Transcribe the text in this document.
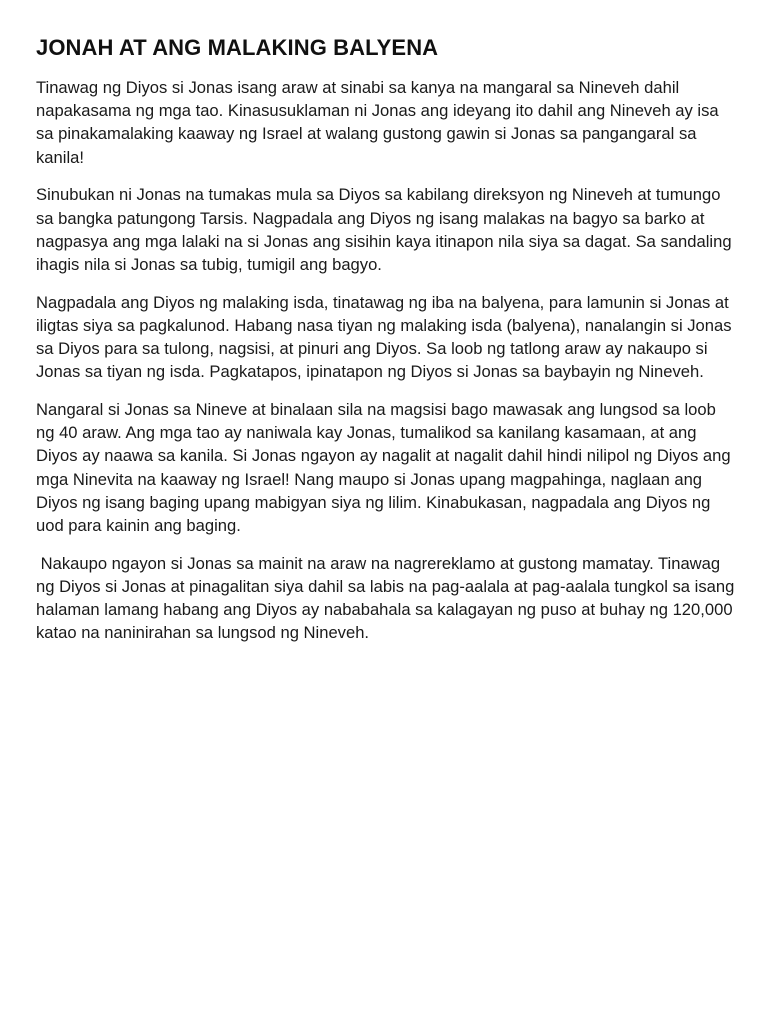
JONAH AT ANG MALAKING BALYENA

Tinawag ng Diyos si Jonas isang araw at sinabi sa kanya na mangaral sa Nineveh dahil napakasama ng mga tao. Kinasusuklaman ni Jonas ang ideyang ito dahil ang Nineveh ay isa sa pinakamalaking kaaway ng Israel at walang gustong gawin si Jonas sa pangangaral sa kanila!

Sinubukan ni Jonas na tumakas mula sa Diyos sa kabilang direksyon ng Nineveh at tumungo sa bangka patungong Tarsis. Nagpadala ang Diyos ng isang malakas na bagyo sa barko at nagpasya ang mga lalaki na si Jonas ang sisihin kaya itinapon nila siya sa dagat. Sa sandaling ihagis nila si Jonas sa tubig, tumigil ang bagyo.

Nagpadala ang Diyos ng malaking isda, tinatawag ng iba na balyena, para lamunin si Jonas at iligtas siya sa pagkalunod. Habang nasa tiyan ng malaking isda (balyena), nanalangin si Jonas sa Diyos para sa tulong, nagsisi, at pinuri ang Diyos. Sa loob ng tatlong araw ay nakaupo si Jonas sa tiyan ng isda. Pagkatapos, ipinatapon ng Diyos si Jonas sa baybayin ng Nineveh.

Nangaral si Jonas sa Nineve at binalaan sila na magsisi bago mawasak ang lungsod sa loob ng 40 araw. Ang mga tao ay naniwala kay Jonas, tumalikod sa kanilang kasamaan, at ang Diyos ay naawa sa kanila. Si Jonas ngayon ay nagalit at nagalit dahil hindi nilipol ng Diyos ang mga Ninevita na kaaway ng Israel! Nang maupo si Jonas upang magpahinga, naglaan ang Diyos ng isang baging upang mabigyan siya ng lilim. Kinabukasan, nagpadala ang Diyos ng uod para kainin ang baging.

Nakaupo ngayon si Jonas sa mainit na araw na nagrereklamo at gustong mamatay. Tinawag ng Diyos si Jonas at pinagalitan siya dahil sa labis na pag-aalala at pag-aalala tungkol sa isang halaman lamang habang ang Diyos ay nababahala sa kalagayan ng puso at buhay ng 120,000 katao na naninirahan sa lungsod ng Nineveh.
